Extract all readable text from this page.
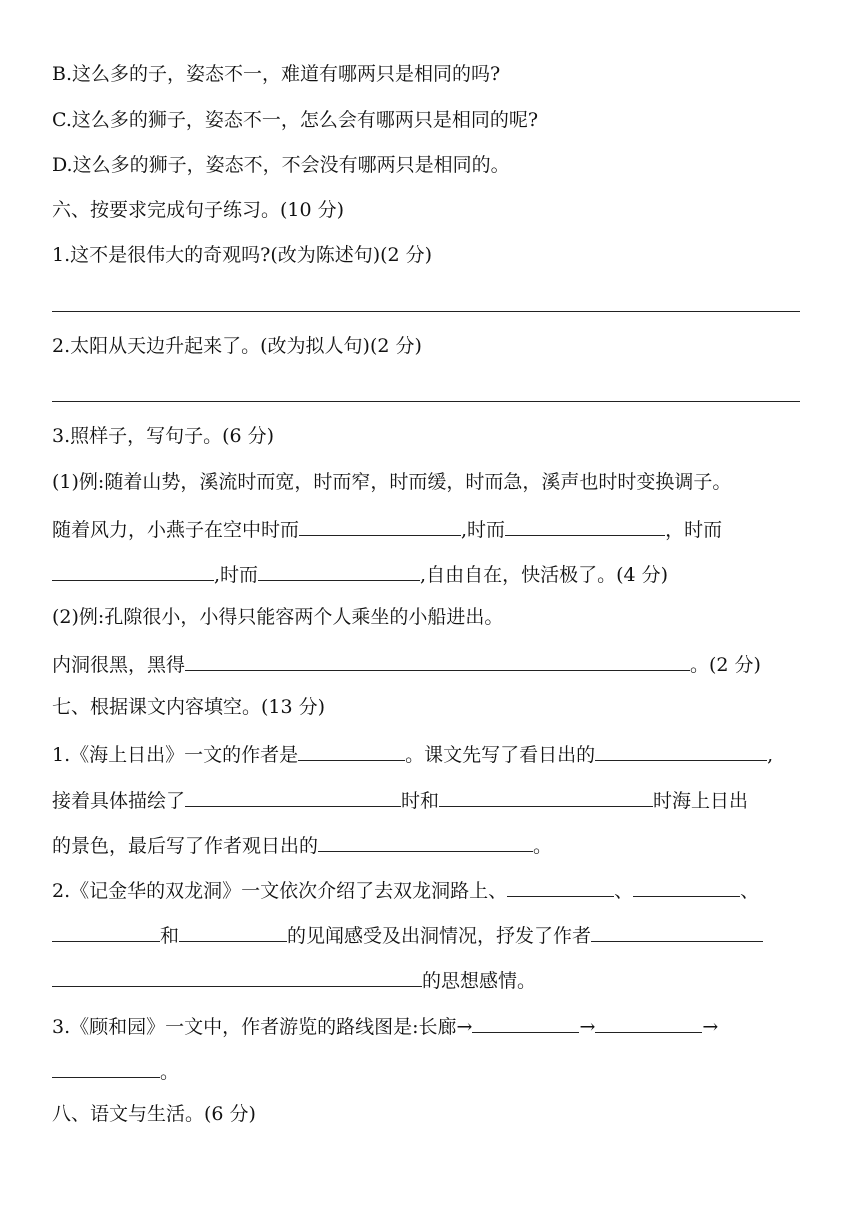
B.这么多的子，姿态不一，难道有哪两只是相同的吗?
C.这么多的狮子，姿态不一，怎么会有哪两只是相同的呢?
D.这么多的狮子，姿态不，不会没有哪两只是相同的。
六、按要求完成句子练习。(10 分)
1.这不是很伟大的奇观吗?(改为陈述句)(2 分)
2.太阳从天边升起来了。(改为拟人句)(2 分)
3.照样子，写句子。(6 分)
(1)例:随着山势，溪流时而宽，时而窄，时而缓，时而急，溪声也时时变换调子。
随着风力，小燕子在空中时而	,时而	，时而
,时而	,自由自在，快活极了。(4 分)
(2)例:孔隙很小，小得只能容两个人乘坐的小船进出。
内洞很黑，黑得	。(2 分)
七、根据课文内容填空。(13 分)
1.《海上日出》一文的作者是	。课文先写了看日出的	,
接着具体描绘了	时和	时海上日出
的景色，最后写了作者观日出的	。
2.《记金华的双龙洞》一文依次介绍了去双龙洞路上、	、	、
和	的见闻感受及出洞情况，抒发了作者
的思想感情。
3.《顾和园》一文中，作者游览的路线图是:长廊→	→	→
。
八、语文与生活。(6 分)
